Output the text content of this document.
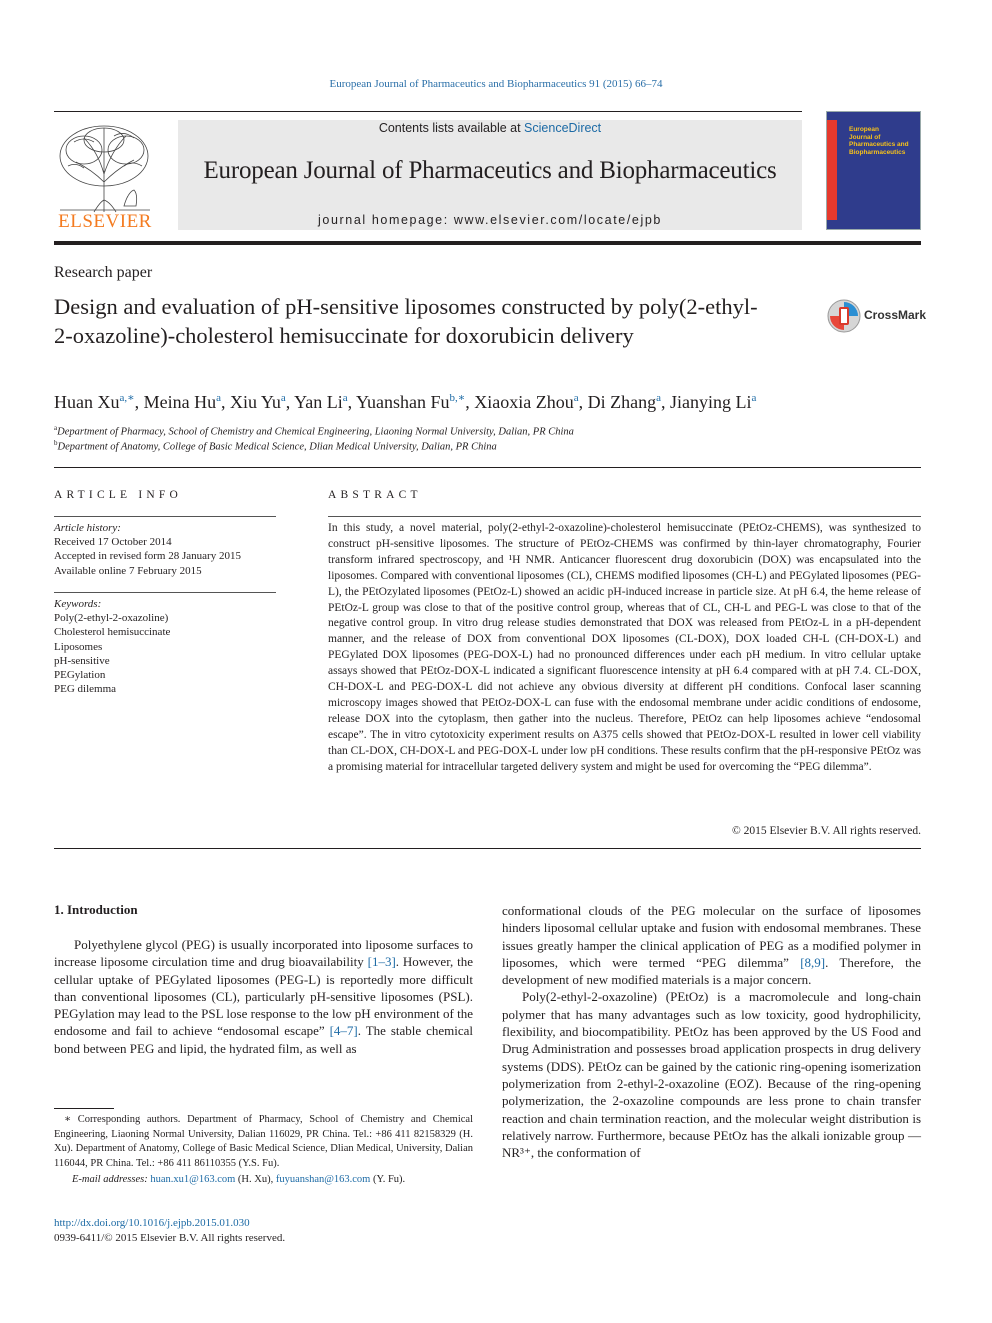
European Journal of Pharmaceutics and Biopharmaceutics 91 (2015) 66–74
ELSEVIER
Contents lists available at ScienceDirect
European Journal of Pharmaceutics and Biopharmaceutics
journal homepage: www.elsevier.com/locate/ejpb
European
Journal of
Pharmaceutics and
Biopharmaceutics
Research paper
Design and evaluation of pH-sensitive liposomes constructed by poly(2-ethyl-2-oxazoline)-cholesterol hemisuccinate for doxorubicin delivery
CrossMark
Huan $Xu^{a,∗}$, Meina Hu$^a$, Xiu Yu$^a$, Yan Li$^a$, Yuanshan $Fu^{b,∗}$, Xiaoxia Zhou$^a$, Di Zhang$^a$, Jianying Li$^a$
$^a$Department of Pharmacy, School of Chemistry and Chemical Engineering, Liaoning Normal University, Dalian, PR China
$^b$Department of Anatomy, College of Basic Medical Science, Dlian Medical University, Dalian, PR China
ARTICLE INFO
Article history:
Received 17 October 2014
Accepted in revised form 28 January 2015
Available online 7 February 2015
Keywords:
Poly(2-ethyl-2-oxazoline)
Cholesterol hemisuccinate
Liposomes
pH-sensitive
PEGylation
PEG dilemma
ABSTRACT
In this study, a novel material, poly(2-ethyl-2-oxazoline)-cholesterol hemisuccinate (PEtOz-CHEMS), was synthesized to construct pH-sensitive liposomes. The structure of PEtOz-CHEMS was confirmed by thin-layer chromatography, Fourier transform infrared spectroscopy, and ¹H NMR. Anticancer fluorescent drug doxorubicin (DOX) was encapsulated into the liposomes. Compared with conventional liposomes (CL), CHEMS modified liposomes (CH-L) and PEGylated liposomes (PEG-L), the PEtOzylated liposomes (PEtOz-L) showed an acidic pH-induced increase in particle size. At pH 6.4, the heme release of PEtOz-L group was close to that of the positive control group, whereas that of CL, CH-L and PEG-L was close to that of the negative control group. In vitro drug release studies demonstrated that DOX was released from PEtOz-L in a pH-dependent manner, and the release of DOX from conventional DOX liposomes (CL-DOX), DOX loaded CH-L (CH-DOX-L) and PEGylated DOX liposomes (PEG-DOX-L) had no pronounced differences under each pH medium. In vitro cellular uptake assays showed that PEtOz-DOX-L indicated a significant fluorescence intensity at pH 6.4 compared with at pH 7.4. CL-DOX, CH-DOX-L and PEG-DOX-L did not achieve any obvious diversity at different pH conditions. Confocal laser scanning microscopy images showed that PEtOz-DOX-L can fuse with the endosomal membrane under acidic conditions of endosome, release DOX into the cytoplasm, then gather into the nucleus. Therefore, PEtOz can help liposomes achieve “endosomal escape”. The in vitro cytotoxicity experiment results on A375 cells showed that PEtOz-DOX-L resulted in lower cell viability than CL-DOX, CH-DOX-L and PEG-DOX-L under low pH conditions. These results confirm that the pH-responsive PEtOz was a promising material for intracellular targeted delivery system and might be used for overcoming the “PEG dilemma”.
© 2015 Elsevier B.V. All rights reserved.
1. Introduction

Polyethylene glycol (PEG) is usually incorporated into liposome surfaces to increase liposome circulation time and drug bioavailability [1–3]. However, the cellular uptake of PEGylated liposomes (PEG-L) is reportedly more difficult than conventional liposomes (CL), particularly pH-sensitive liposomes (PSL). PEGylation may lead to the PSL lose response to the low pH environment of the endosome and fail to achieve “endosomal escape” [4–7]. The stable chemical bond between PEG and lipid, the hydrated film, as well as

conformational clouds of the PEG molecular on the surface of liposomes hinders liposomal cellular uptake and fusion with endosomal membranes. These issues greatly hamper the clinical application of PEG as a modified polymer in liposomes, which were termed “PEG dilemma” [8,9]. Therefore, the development of new modified materials is a major concern.

Poly(2-ethyl-2-oxazoline) (PEtOz) is a macromolecule and long-chain polymer that has many advantages such as low toxicity, good hydrophilicity, flexibility, and biocompatibility. PEtOz has been approved by the US Food and Drug Administration and possesses broad application prospects in drug delivery systems (DDS). PEtOz can be gained by the cationic ring-opening isomerization polymerization from 2-ethyl-2-oxazoline (EOZ). Because of the ring-opening polymerization, the 2-oxazoline compounds are less prone to chain transfer reaction and chain termination reaction, and the molecular weight distribution is relatively narrow. Furthermore, because PEtOz has the alkali ionizable group —NR³⁺, the conformation of

∗ Corresponding authors. Department of Pharmacy, School of Chemistry and Chemical Engineering, Liaoning Normal University, Dalian 116029, PR China. Tel.: +86 411 82158329 (H. Xu). Department of Anatomy, College of Basic Medical Science, Dlian Medical, University, Dalian 116044, PR China. Tel.: +86 411 86110355 (Y.S. Fu).
E-mail addresses: huan.xu1@163.com (H. Xu), fuyuanshan@163.com (Y. Fu).
http://dx.doi.org/10.1016/j.ejpb.2015.01.030
0939-6411/© 2015 Elsevier B.V. All rights reserved.
